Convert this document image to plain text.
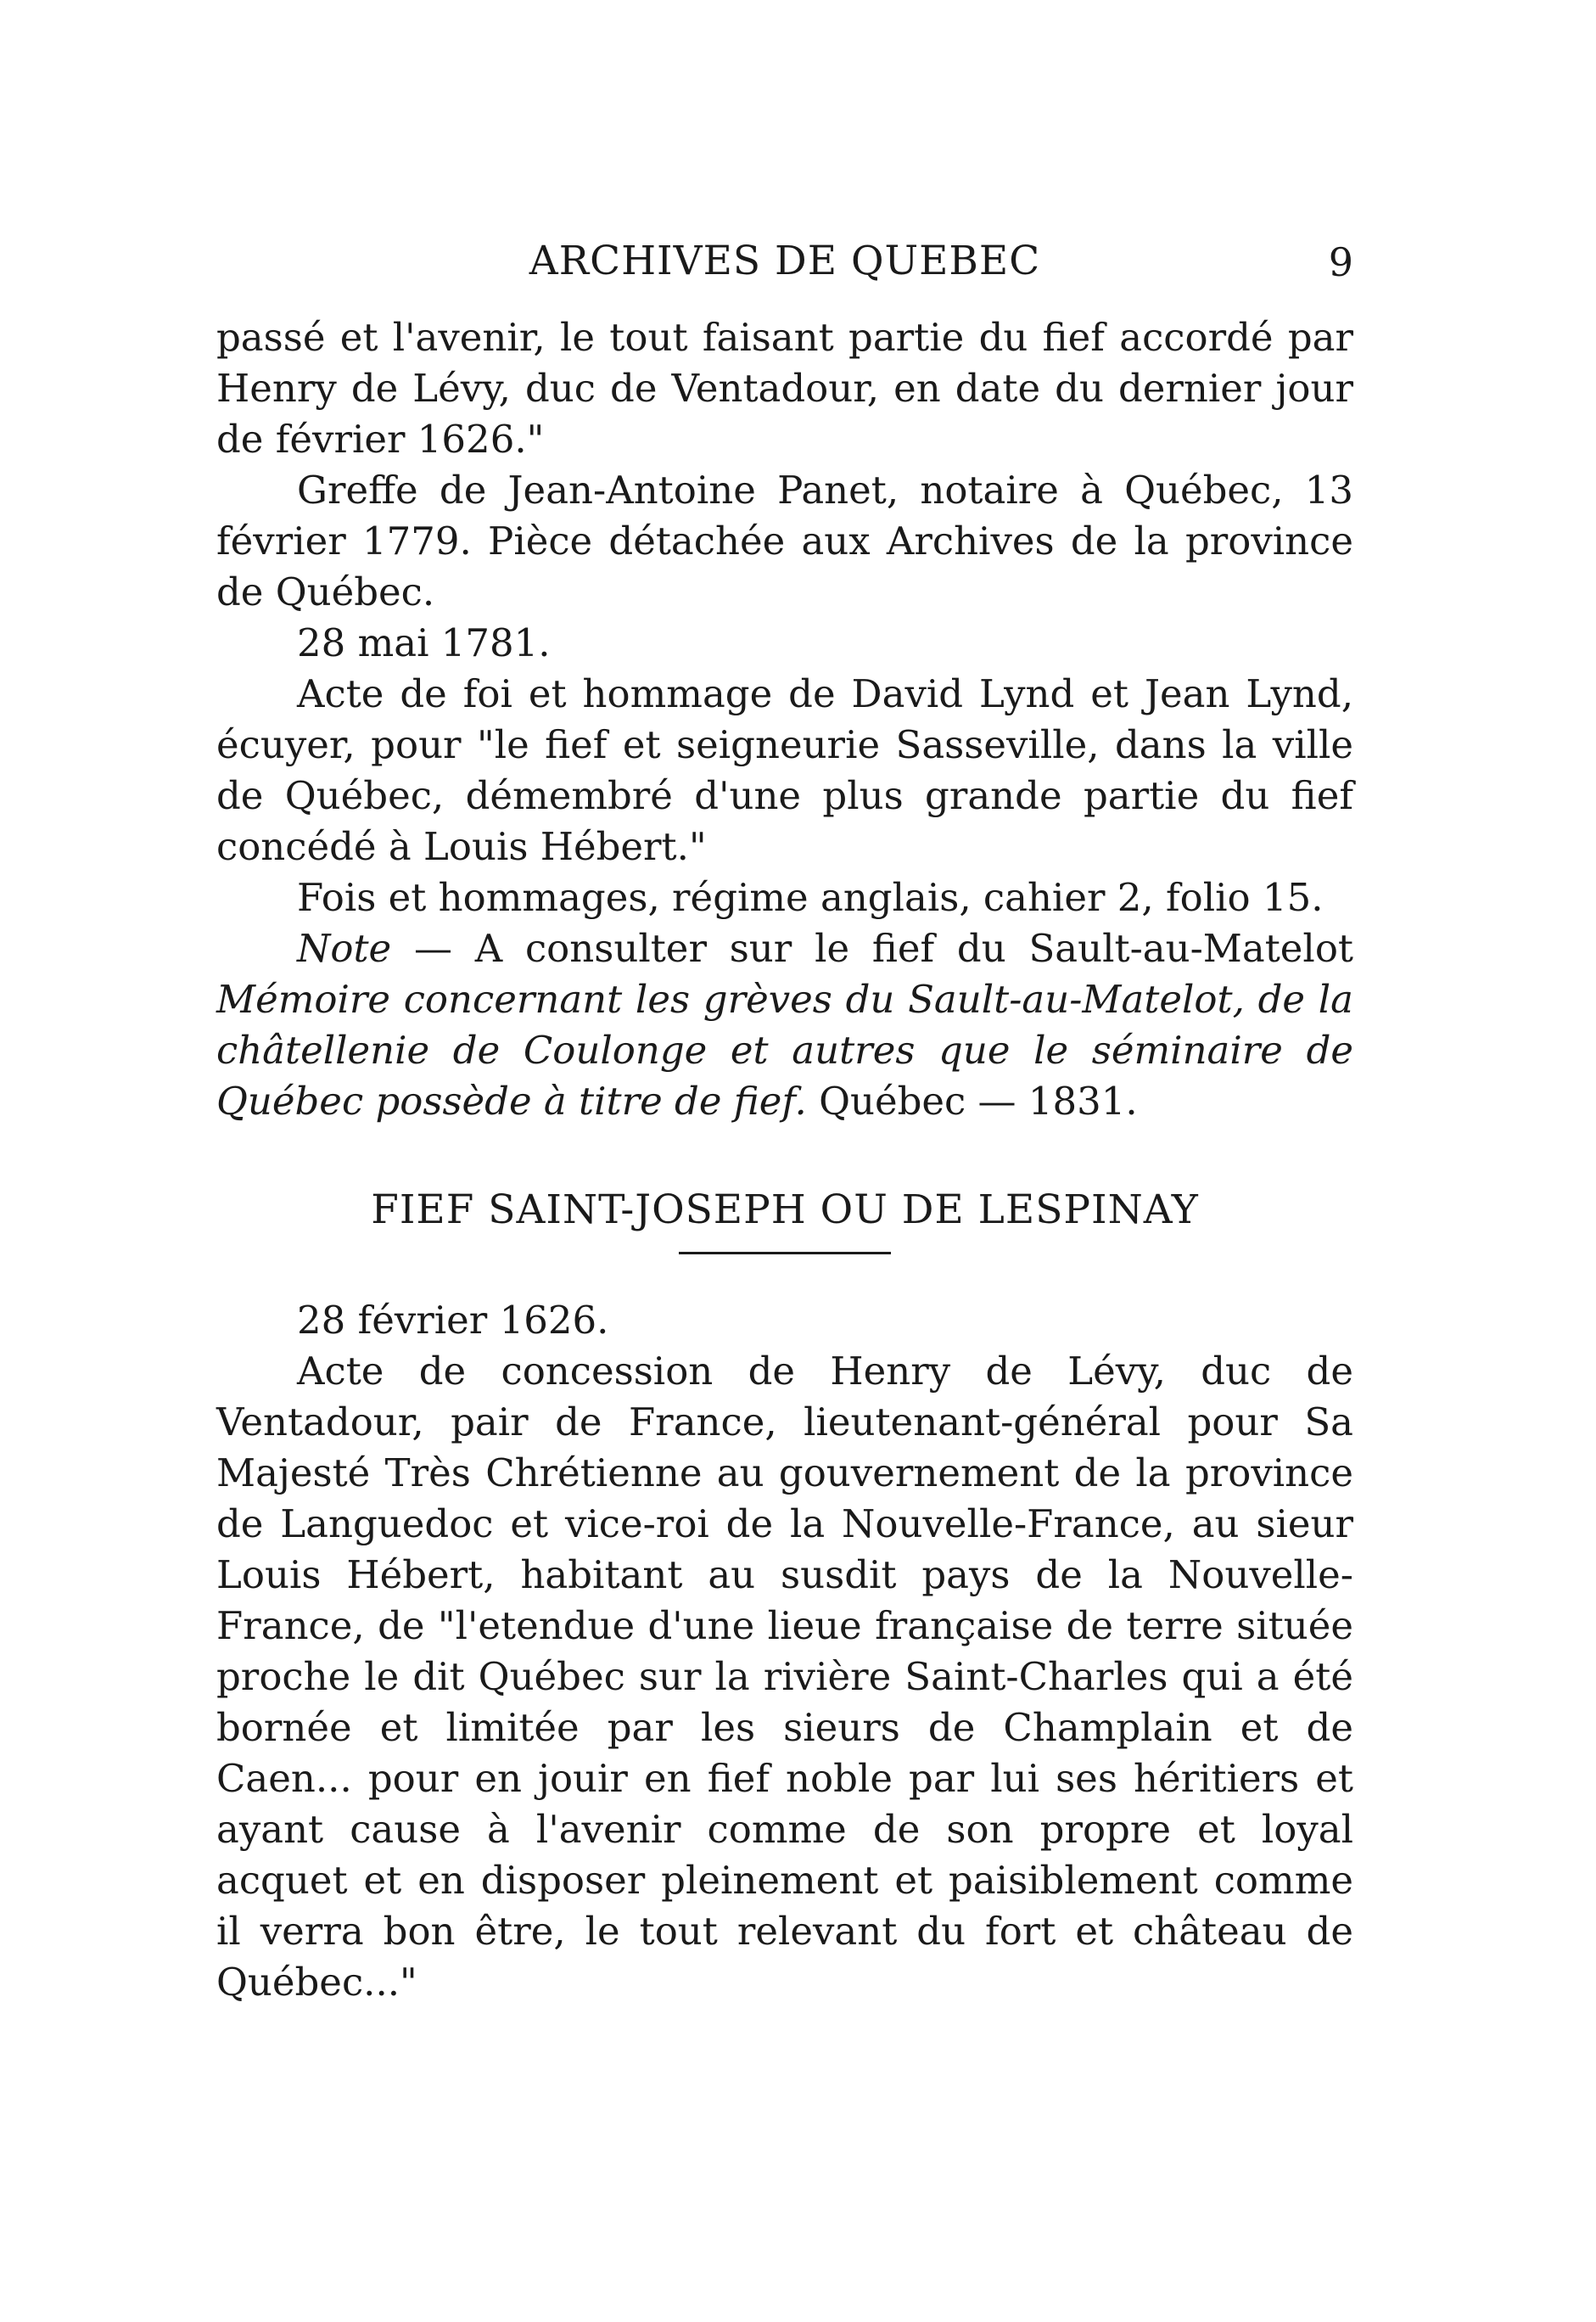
ARCHIVES DE QUEBEC	9

passé et l'avenir, le tout faisant partie du fief accordé par Henry de Lévy, duc de Ventadour, en date du dernier jour de février 1626."

Greffe de Jean-Antoine Panet, notaire à Québec, 13 février 1779. Pièce détachée aux Archives de la province de Québec.

28 mai 1781.

Acte de foi et hommage de David Lynd et Jean Lynd, écuyer, pour "le fief et seigneurie Sasseville, dans la ville de Québec, démembré d'une plus grande partie du fief concédé à Louis Hébert."

Fois et hommages, régime anglais, cahier 2, folio 15.

Note — A consulter sur le fief du Sault-au-Matelot Mémoire concernant les grèves du Sault-au-Matelot, de la châtellenie de Coulonge et autres que le séminaire de Québec possède à titre de fief. Québec — 1831.

FIEF SAINT-JOSEPH OU DE LESPINAY

28 février 1626.

Acte de concession de Henry de Lévy, duc de Ventadour, pair de France, lieutenant-général pour Sa Majesté Très Chrétienne au gouvernement de la province de Languedoc et vice-roi de la Nouvelle-France, au sieur Louis Hébert, habitant au susdit pays de la Nouvelle-France, de "l'etendue d'une lieue française de terre située proche le dit Québec sur la rivière Saint-Charles qui a été bornée et limitée par les sieurs de Champlain et de Caen... pour en jouir en fief noble par lui ses héritiers et ayant cause à l'avenir comme de son propre et loyal acquet et en disposer pleinement et paisiblement comme il verra bon être, le tout relevant du fort et château de Québec..."
